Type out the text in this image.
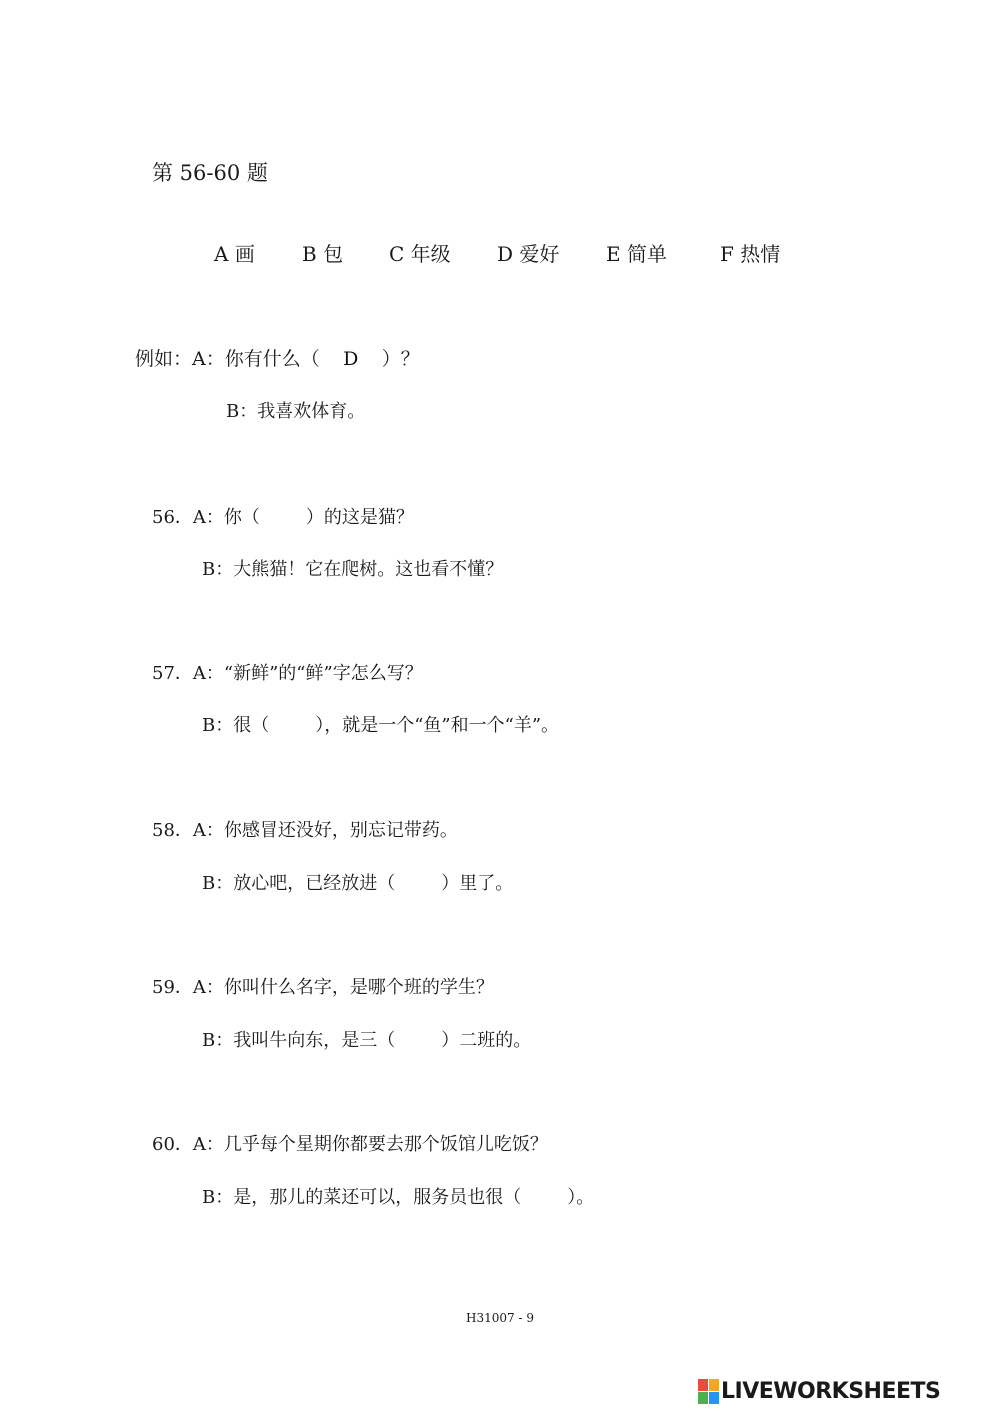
第 56-60 题
A 画 B 包 C 年级 D 爱好 E 简单	F 热情
例如：A：你有什么（ D ）？
B：我喜欢体育。
56．A：你（	）的这是猫？
B：大熊猫！它在爬树。这也看不懂？
57．A：“新鲜”的“鲜”字怎么写？
B：很（	），就是一个“鱼”和一个“羊”。
58．A：你感冒还没好，别忘记带药。
B：放心吧，已经放进（	）里了。
59．A：你叫什么名字，是哪个班的学生？
B：我叫牛向东，是三（	）二班的。
60．A：几乎每个星期你都要去那个饭馆儿吃饭？
B：是，那儿的菜还可以，服务员也很（	）。
H31007 - 9
LIVEWORKSHEETS
